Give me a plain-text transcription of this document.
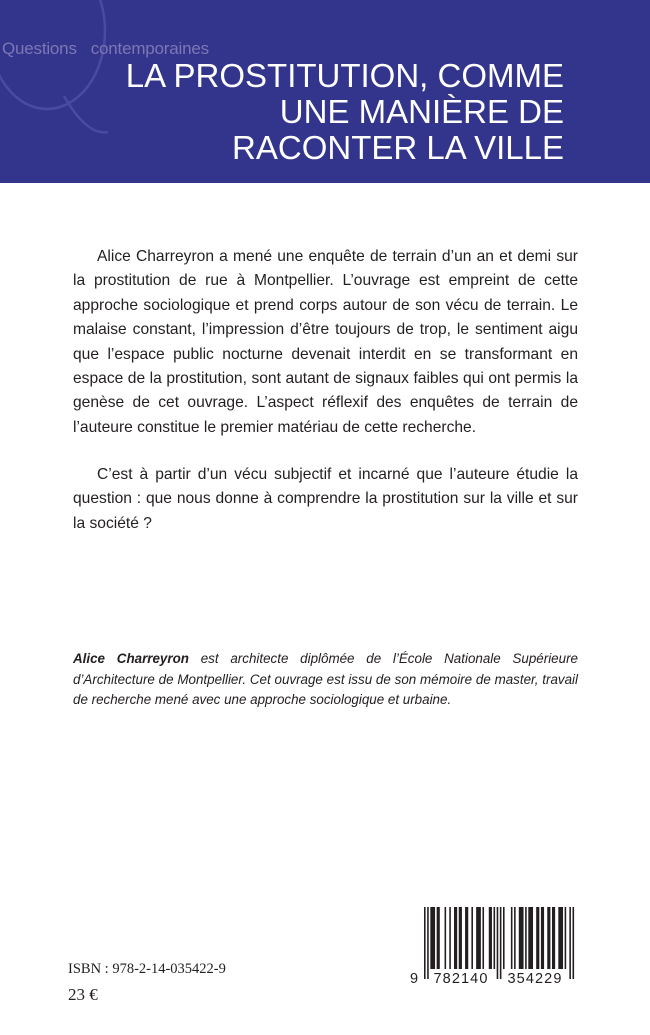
Questions contemporaines
LA PROSTITUTION, COMME
UNE MANIÈRE DE
RACONTER LA VILLE

Alice Charreyron a mené une enquête de terrain d’un an et demi sur la prostitution de rue à Montpellier. L’ouvrage est empreint de cette approche sociologique et prend corps autour de son vécu de terrain. Le malaise constant, l’impression d’être toujours de trop, le sentiment aigu que l’espace public nocturne devenait interdit en se transformant en espace de la prostitution, sont autant de signaux faibles qui ont permis la genèse de cet ouvrage. L’aspect réflexif des enquêtes de terrain de l’auteure constitue le premier matériau de cette recherche.

C’est à partir d’un vécu subjectif et incarné que l’auteure étudie la question : que nous donne à comprendre la prostitution sur la ville et sur la société ?

Alice Charreyron est architecte diplômée de l’École Nationale Supérieure d’Architecture de Montpellier. Cet ouvrage est issu de son mémoire de master, travail de recherche mené avec une approche sociologique et urbaine.

9 782140 354229
ISBN : 978-2-14-035422-9
23 €
